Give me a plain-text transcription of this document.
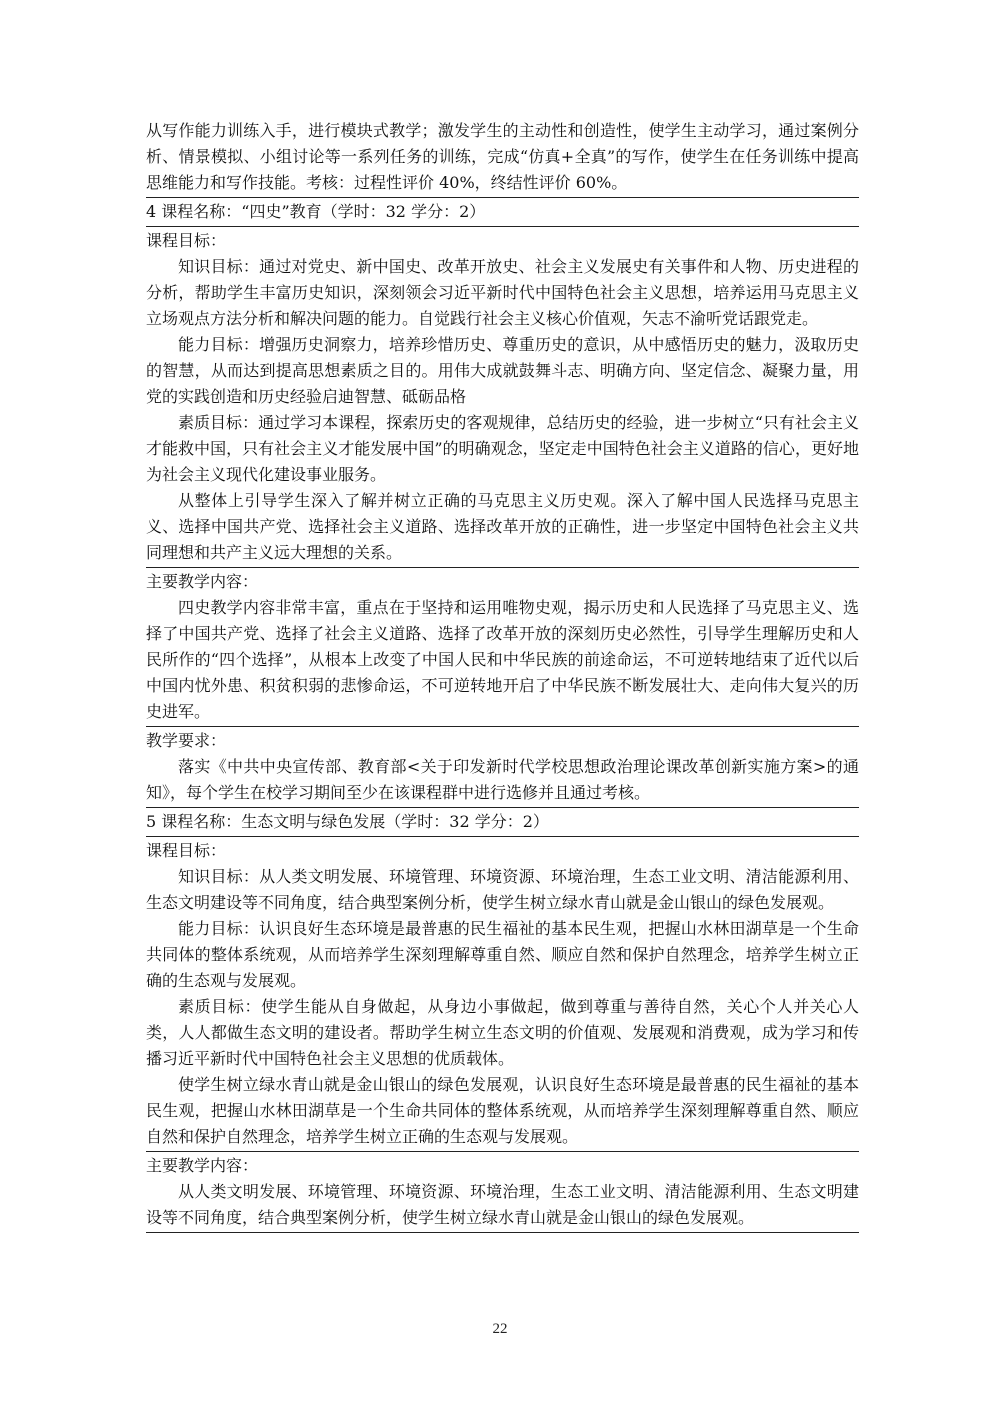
从写作能力训练入手，进行模块式教学；激发学生的主动性和创造性，使学生主动学习，通过案例分析、情景模拟、小组讨论等一系列任务的训练，完成“仿真+全真”的写作，使学生在任务训练中提高思维能力和写作技能。考核：过程性评价 40%，终结性评价 60%。

4 课程名称：“四史”教育（学时：32 学分：2）

课程目标：

知识目标：通过对党史、新中国史、改革开放史、社会主义发展史有关事件和人物、历史进程的分析，帮助学生丰富历史知识，深刻领会习近平新时代中国特色社会主义思想，培养运用马克思主义立场观点方法分析和解决问题的能力。自觉践行社会主义核心价值观，矢志不渝听党话跟党走。

能力目标：增强历史洞察力，培养珍惜历史、尊重历史的意识，从中感悟历史的魅力，汲取历史的智慧，从而达到提高思想素质之目的。用伟大成就鼓舞斗志、明确方向、坚定信念、凝聚力量，用党的实践创造和历史经验启迪智慧、砥砺品格

素质目标：通过学习本课程，探索历史的客观规律，总结历史的经验，进一步树立“只有社会主义才能救中国，只有社会主义才能发展中国”的明确观念，坚定走中国特色社会主义道路的信心，更好地为社会主义现代化建设事业服务。

从整体上引导学生深入了解并树立正确的马克思主义历史观。深入了解中国人民选择马克思主义、选择中国共产党、选择社会主义道路、选择改革开放的正确性，进一步坚定中国特色社会主义共同理想和共产主义远大理想的关系。

主要教学内容：

四史教学内容非常丰富，重点在于坚持和运用唯物史观，揭示历史和人民选择了马克思主义、选择了中国共产党、选择了社会主义道路、选择了改革开放的深刻历史必然性，引导学生理解历史和人民所作的“四个选择”，从根本上改变了中国人民和中华民族的前途命运，不可逆转地结束了近代以后中国内忧外患、积贫积弱的悲惨命运，不可逆转地开启了中华民族不断发展壮大、走向伟大复兴的历史进军。

教学要求：

落实《中共中央宣传部、教育部<关于印发新时代学校思想政治理论课改革创新实施方案>的通知》，每个学生在校学习期间至少在该课程群中进行选修并且通过考核。

5 课程名称：生态文明与绿色发展（学时：32 学分：2）

课程目标：

知识目标：从人类文明发展、环境管理、环境资源、环境治理，生态工业文明、清洁能源利用、生态文明建设等不同角度，结合典型案例分析，使学生树立绿水青山就是金山银山的绿色发展观。

能力目标：认识良好生态环境是最普惠的民生福祉的基本民生观，把握山水林田湖草是一个生命共同体的整体系统观，从而培养学生深刻理解尊重自然、顺应自然和保护自然理念，培养学生树立正确的生态观与发展观。

素质目标：使学生能从自身做起，从身边小事做起，做到尊重与善待自然，关心个人并关心人类，人人都做生态文明的建设者。帮助学生树立生态文明的价值观、发展观和消费观，成为学习和传播习近平新时代中国特色社会主义思想的优质载体。

使学生树立绿水青山就是金山银山的绿色发展观，认识良好生态环境是最普惠的民生福祉的基本民生观，把握山水林田湖草是一个生命共同体的整体系统观，从而培养学生深刻理解尊重自然、顺应自然和保护自然理念，培养学生树立正确的生态观与发展观。

主要教学内容：

从人类文明发展、环境管理、环境资源、环境治理，生态工业文明、清洁能源利用、生态文明建设等不同角度，结合典型案例分析，使学生树立绿水青山就是金山银山的绿色发展观。

22
